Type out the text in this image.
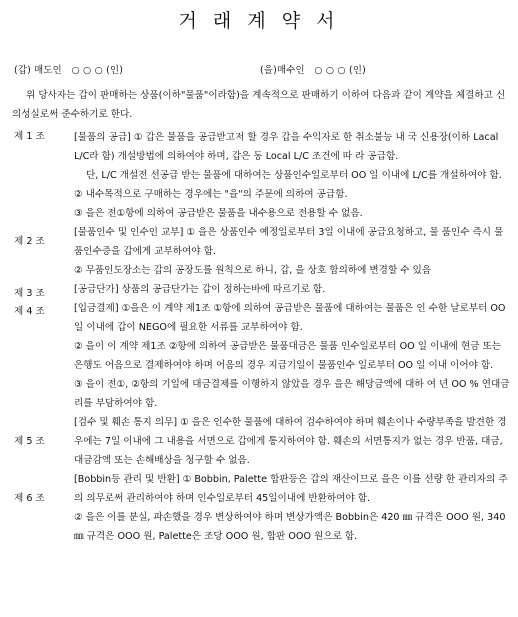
거 래 계 약 서
(갑) 매도인　○ ○ ○ (인)	(을)매수인　○ ○ ○ (인)
위 당사자는 갑이 판매하는 상품(이하"물품"이라함)을 계속적으로 판매하기 이하여 다음과 같이 계약을 체결하고 신의성실로써 준수하기로 한다.
제 1 조	[물품의 공급] ① 갑은 물품을 공급받고저 할 경우 갑을 수익자로 한 취소불능 내 국 신용장(이하 Lacal L/C라 함) 개설방법에 의하여야 하며, 갑은 동 Local L/C 조건에 따 라 공급함.

단, L/C 개설전 선공급 받는 물품에 대하여는 상품인수일로부터 OO 일 이내에 L/C를 개설하여야 함.

② 내수목적으로 구매하는 경우에는 "을"의 주문에 의하여 공급함.

③ 을은 전①항에 의하여 공급받은 물품을 내수용으로 전용할 수 없음.

제 2 조

[물품인수 및 인수인 교부] ① 을은 상품인수 예정일로부터 3일 이내에 공급요청하고, 물 품인수 즉시 물품인수증을 갑에게 교부하여야 함.

② 무품인도장소는 갑의 공장도를 원칙으로 하니, 갑, 을 상호 합의하에 변경할 수 있음

제 3 조	[공급단가] 상품의 공급단가는 갑이 정하는바에 따르기로 함.

제 4 조	[입금결제] ①을은 이 계약 제1조 ①항에 의하여 공급받은 물품에 대하여는 물품은 인 수한 날로부터 OO 일 이내에 갑이 NEGO에 필요한 서류를 교부하여야 함.

② 을이 이 계약 제1조 ②항에 의하여 공급받은 물품대금은 물품 인수일로부터 OO 일 이내에 현금 또는 은행도 어음으로 결제하여야 하며 어음의 경우 지급기일이 물품인수 일로부터 OO 일 이내 이어야 함.

③ 을이 전①, ②항의 기일에 대금결제를 이행하지 않았을 경우 을은 해당금액에 대하 여 년 OO % 연대금리를 부담하여야 함.

제 5 조

[검수 및 훼손 통지 의무] ① 을은 인수한 물품에 대하여 검수하여야 하며 훼손이나 수량부족을 발견한 경우에는 7일 이내에 그 내용을 서면으로 갑에게 통지하여야 함. 훼손의 서면통지가 없는 경우 반품, 대금, 대금감액 또는 손해배상을 청구할 수 없음.

제 6 조

[Bobbin등 관리 및 반환] ① Bobbin, Palette 합판등은 갑의 재산이므로 을은 이를 선량 한 관리자의 주의 의무로써 관리하여야 하며 인수일로부터 45일이내에 반환하여야 함.

② 을은 이를 분실, 파손했을 경우 변상하여야 하며 변상가액은 Bobbin은 420 ㎜ 규격은 OOO 원, 340 ㎜ 규격은 OOO 원, Palette은 조당 OOO 원, 합판 OOO 원으로 함.
